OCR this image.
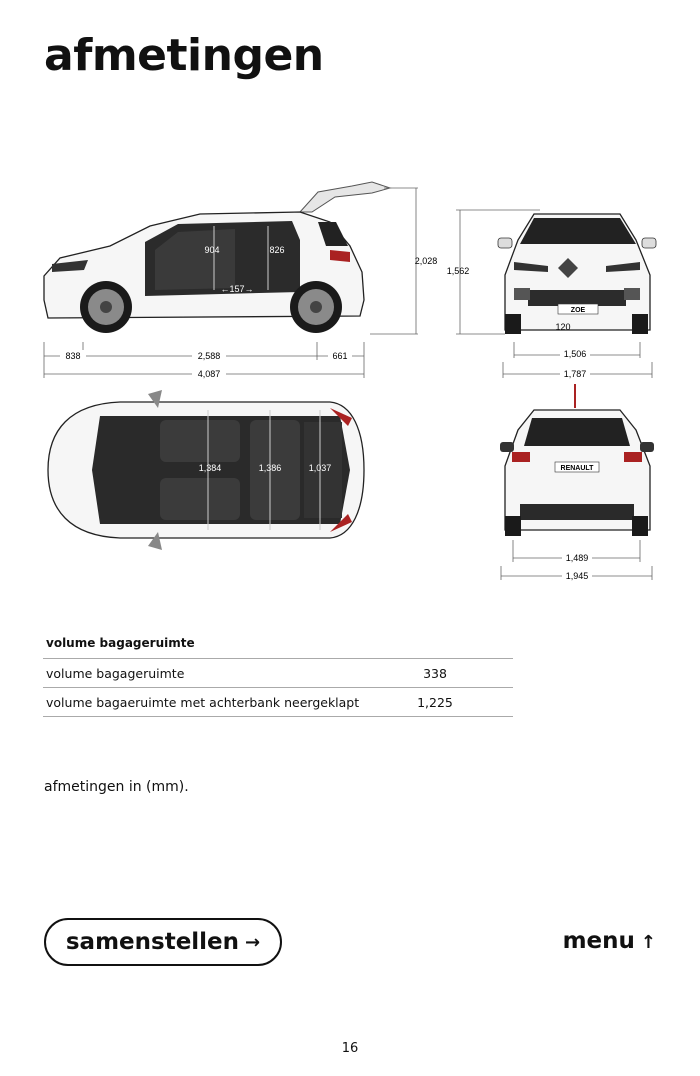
afmetingen
904	826
←157→
2,028
838	2,588	661
4,087
ZOE
1,562
120
1,506
1,787
1,384	1,386	1,037	RENAULT
1,489
1,945
volume bagageruimte
volume bagageruimte	338
volume bagaeruimte met achterbank neergeklapt	1,225
afmetingen in (mm).
samenstellen →	menu ↑
16
